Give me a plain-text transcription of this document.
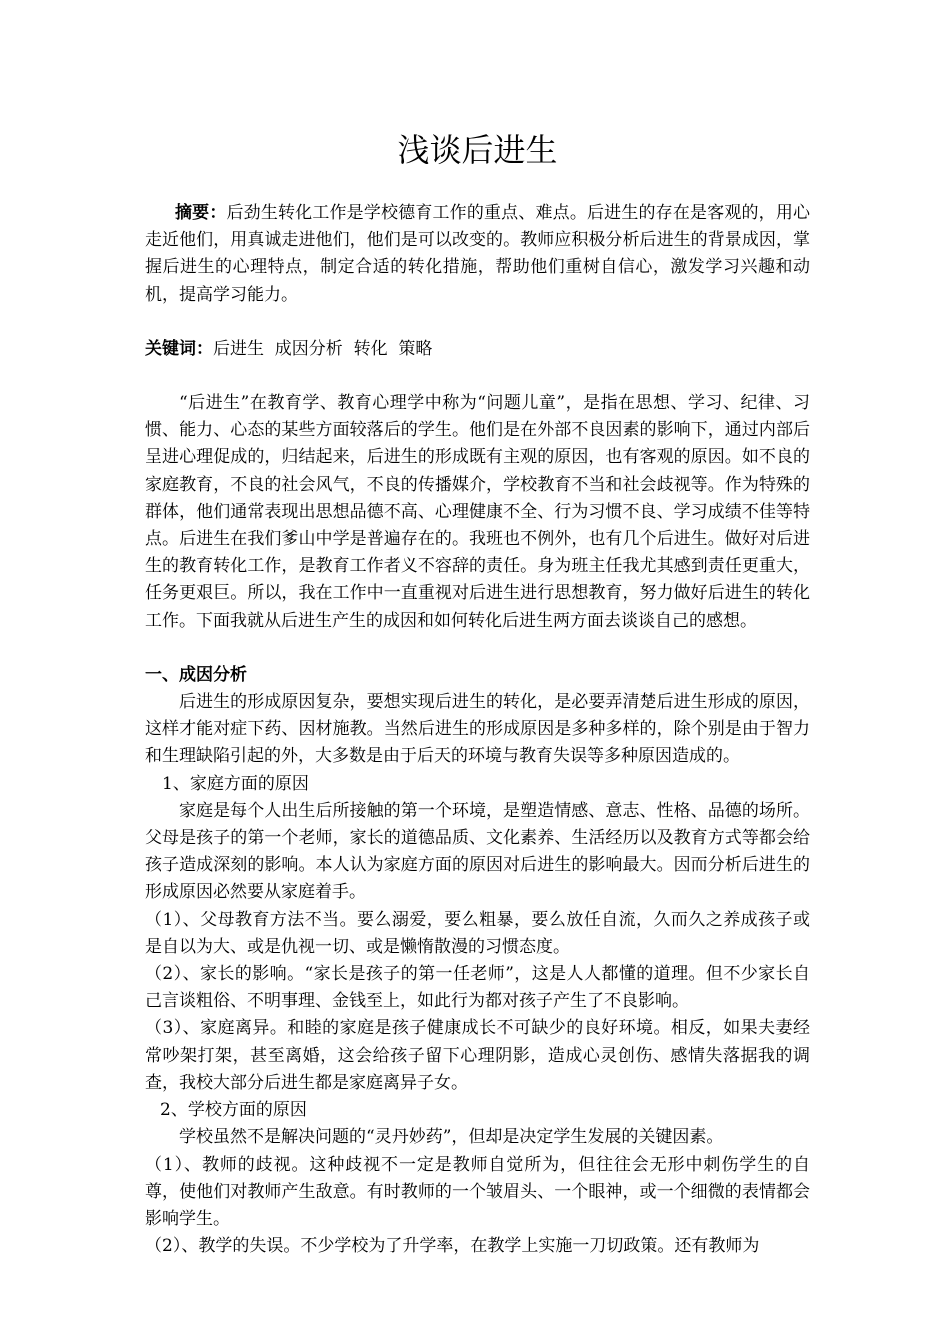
浅谈后进生

摘要：后劲生转化工作是学校德育工作的重点、难点。后进生的存在是客观的，用心走近他们，用真诚走进他们，他们是可以改变的。教师应积极分析后进生的背景成因，掌握后进生的心理特点，制定合适的转化措施，帮助他们重树自信心，激发学习兴趣和动机，提高学习能力。

关键词：后进生  成因分析  转化  策略

“后进生”在教育学、教育心理学中称为“问题儿童”，是指在思想、学习、纪律、习惯、能力、心态的某些方面较落后的学生。他们是在外部不良因素的影响下，通过内部后呈进心理促成的，归结起来，后进生的形成既有主观的原因，也有客观的原因。如不良的家庭教育，不良的社会风气，不良的传播媒介，学校教育不当和社会歧视等。作为特殊的群体，他们通常表现出思想品德不高、心理健康不全、行为习惯不良、学习成绩不佳等特点。后进生在我们爹山中学是普遍存在的。我班也不例外，也有几个后进生。做好对后进生的教育转化工作，是教育工作者义不容辞的责任。身为班主任我尤其感到责任更重大，任务更艰巨。所以，我在工作中一直重视对后进生进行思想教育，努力做好后进生的转化工作。下面我就从后进生产生的成因和如何转化后进生两方面去谈谈自己的感想。

一、成因分析

后进生的形成原因复杂，要想实现后进生的转化，是必要弄清楚后进生形成的原因，这样才能对症下药、因材施教。当然后进生的形成原因是多种多样的，除个别是由于智力和生理缺陷引起的外，大多数是由于后天的环境与教育失误等多种原因造成的。

1、家庭方面的原因

家庭是每个人出生后所接触的第一个环境，是塑造情感、意志、性格、品德的场所。父母是孩子的第一个老师，家长的道德品质、文化素养、生活经历以及教育方式等都会给孩子造成深刻的影响。本人认为家庭方面的原因对后进生的影响最大。因而分析后进生的形成原因必然要从家庭着手。

（1）、父母教育方法不当。要么溺爱，要么粗暴，要么放任自流，久而久之养成孩子或是自以为大、或是仇视一切、或是懒惰散漫的习惯态度。

（2）、家长的影响。“家长是孩子的第一任老师”，这是人人都懂的道理。但不少家长自己言谈粗俗、不明事理、金钱至上，如此行为都对孩子产生了不良影响。

（3）、家庭离异。和睦的家庭是孩子健康成长不可缺少的良好环境。相反，如果夫妻经常吵架打架，甚至离婚，这会给孩子留下心理阴影，造成心灵创伤、感情失落据我的调查，我校大部分后进生都是家庭离异子女。

2、学校方面的原因

学校虽然不是解决问题的“灵丹妙药”，但却是决定学生发展的关键因素。

（1）、教师的歧视。这种歧视不一定是教师自觉所为，但往往会无形中刺伤学生的自尊，使他们对教师产生敌意。有时教师的一个皱眉头、一个眼神，或一个细微的表情都会影响学生。

（2）、教学的失误。不少学校为了升学率，在教学上实施一刀切政策。还有教师为
